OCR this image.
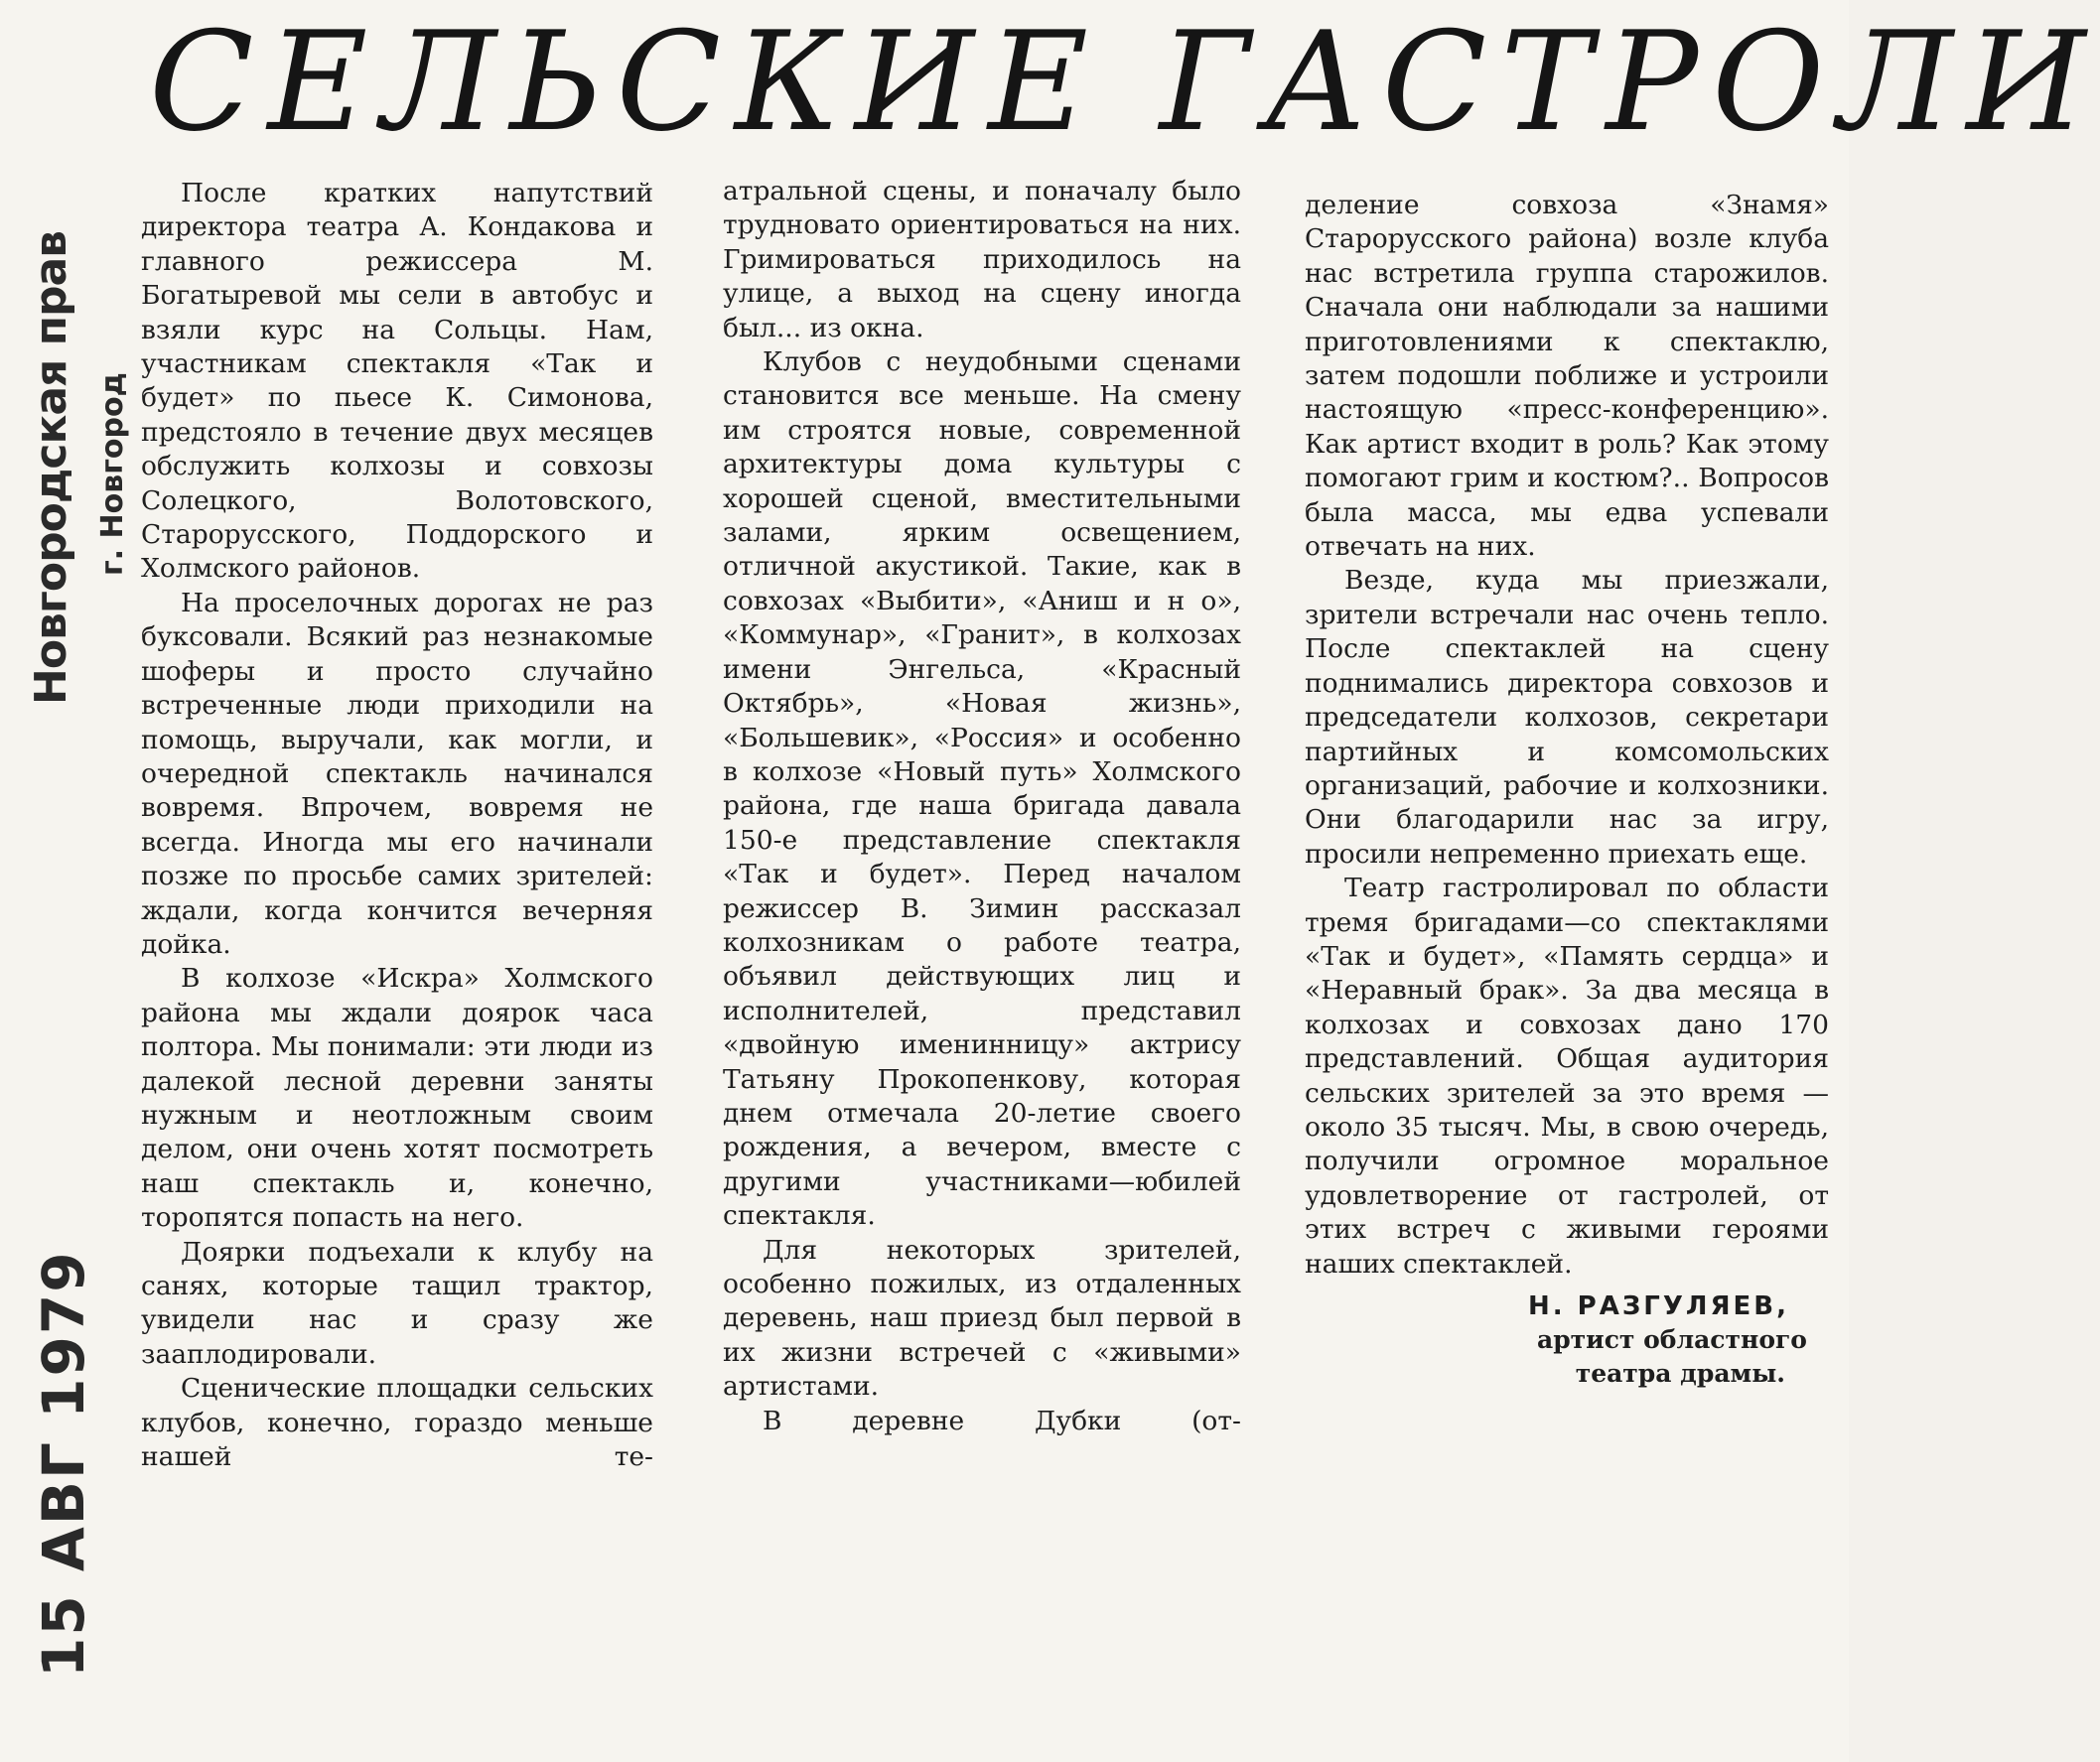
Новгородская прав г. Новгород
15 АВГ 1979
СЕЛЬСКИЕ ГАСТРОЛИ

После кратких напутствий директора театра А. Кондакова и главного режиссера М. Богатыревой мы сели в автобус и взяли курс на Сольцы. Нам, участникам спектакля «Так и будет» по пьесе К. Симонова, предстояло в течение двух месяцев обслужить колхозы и совхозы Солецкого, Волотовского, Старорусского, Поддорского и Холмского районов.

На проселочных дорогах не раз буксовали. Всякий раз незнакомые шоферы и просто случайно встреченные люди приходили на помощь, выручали, как могли, и очередной спектакль начинался вовремя. Впрочем, вовремя не всегда. Иногда мы его начинали позже по просьбе самих зрителей: ждали, когда кончится вечерняя дойка.

В колхозе «Искра» Холмского района мы ждали доярок часа полтора. Мы понимали: эти люди из далекой лесной деревни заняты нужным и неотложным своим делом, они очень хотят посмотреть наш спектакль и, конечно, торопятся попасть на него.

Доярки подъехали к клубу на санях, которые тащил трактор, увидели нас и сразу же зааплодировали.

Сценические площадки сельских клубов, конечно, гораздо меньше нашей те-

атральной сцены, и поначалу было трудновато ориентироваться на них. Гримироваться приходилось на улице, а выход на сцену иногда был... из окна.

Клубов с неудобными сценами становится все меньше. На смену им строятся новые, современной архитектуры дома культуры с хорошей сценой, вместительными залами, ярким освещением, отличной акустикой. Такие, как в совхозах «Выбити», «Аниш и н о», «Коммунар», «Гранит», в колхозах имени Энгельса, «Красный Октябрь», «Новая жизнь», «Большевик», «Россия» и особенно в колхозе «Новый путь» Холмского района, где наша бригада давала 150-е представление спектакля «Так и будет». Перед началом режиссер В. Зимин рассказал колхозникам о работе театра, объявил действующих лиц и исполнителей, представил «двойную именинницу» актрису Татьяну Прокопенкову, которая днем отмечала 20-летие своего рождения, а вечером, вместе с другими участниками—юбилей спектакля.

Для некоторых зрителей, особенно пожилых, из отдаленных деревень, наш приезд был первой в их жизни встречей с «живыми» артистами.

В деревне Дубки (от-

деление совхоза «Знамя» Старорусского района) возле клуба нас встретила группа старожилов. Сначала они наблюдали за нашими приготовлениями к спектаклю, затем подошли поближе и устроили настоящую «пресс-конференцию». Как артист входит в роль? Как этому помогают грим и костюм?.. Вопросов была масса, мы едва успевали отвечать на них.

Везде, куда мы приезжали, зрители встречали нас очень тепло. После спектаклей на сцену поднимались директора совхозов и председатели колхозов, секретари партийных и комсомольских организаций, рабочие и колхозники. Они благодарили нас за игру, просили непременно приехать еще.

Театр гастролировал по области тремя бригадами—со спектаклями «Так и будет», «Память сердца» и «Неравный брак». За два месяца в колхозах и совхозах дано 170 представлений. Общая аудитория сельских зрителей за это время — около 35 тысяч. Мы, в свою очередь, получили огромное моральное удовлетворение от гастролей, от этих встреч с живыми героями наших спектаклей.

Н. РАЗГУЛЯЕВ,
артист областного
театра драмы.
